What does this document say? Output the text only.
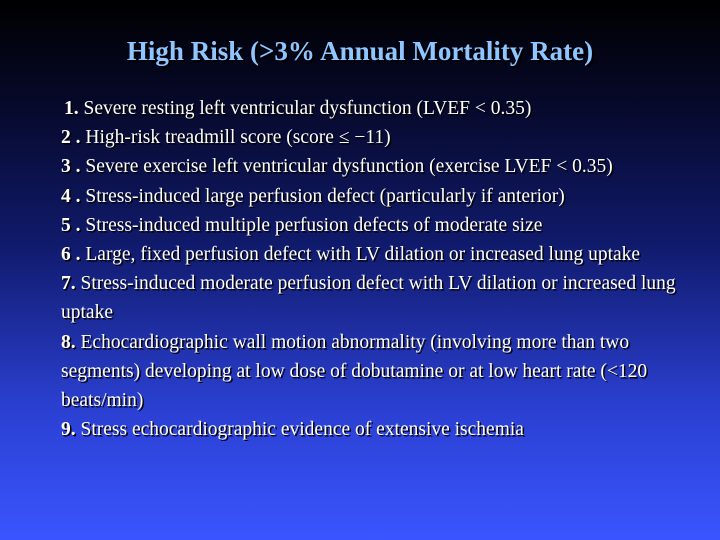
High Risk (>3% Annual Mortality Rate)

1. Severe resting left ventricular dysfunction (LVEF < 0.35)

2 . High-risk treadmill score (score ≤ −11)

3 . Severe exercise left ventricular dysfunction (exercise LVEF < 0.35)

4 . Stress-induced large perfusion defect (particularly if anterior)

5 . Stress-induced multiple perfusion defects of moderate size

6 . Large, fixed perfusion defect with LV dilation or increased lung uptake

7. Stress-induced moderate perfusion defect with LV dilation or increased lung uptake

8. Echocardiographic wall motion abnormality (involving more than two segments) developing at low dose of dobutamine or at low heart rate (<120 beats/min)

9. Stress echocardiographic evidence of extensive ischemia
